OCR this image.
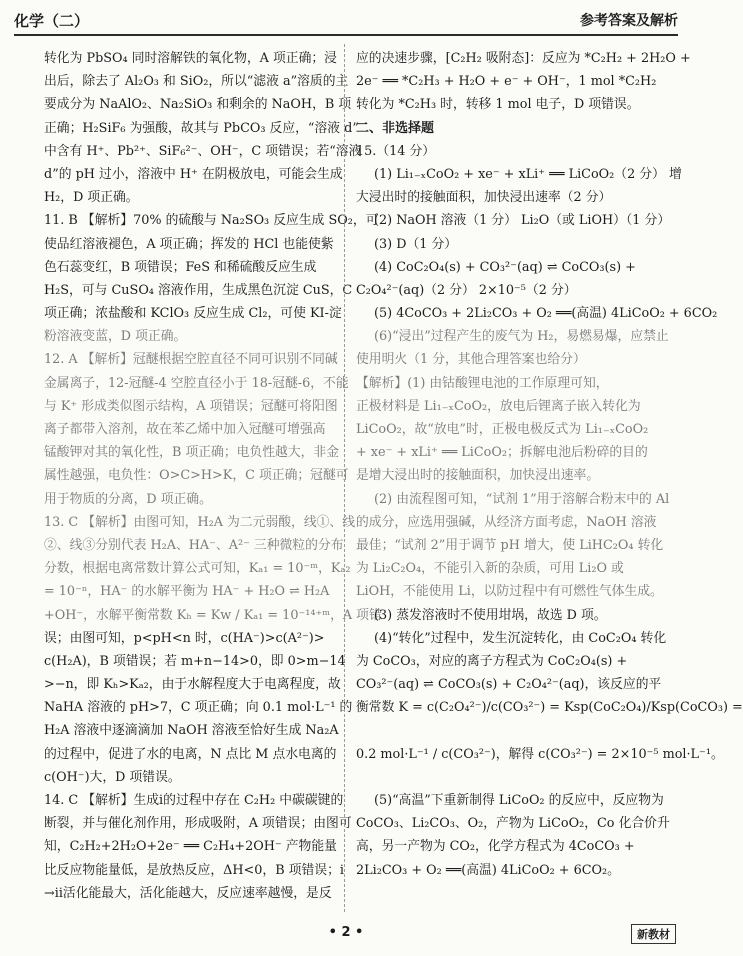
化学（二）	参考答案及解析
转化为 PbSO₄ 同时溶解铁的氧化物，A 项正确；浸
出后，除去了 Al₂O₃ 和 SiO₂，所以“滤液 a”溶质的主
要成分为 NaAlO₂、Na₂SiO₃ 和剩余的 NaOH，B 项
正确；H₂SiF₆ 为强酸，故其与 PbCO₃ 反应，“溶液 d”
中含有 H⁺、Pb²⁺、SiF₆²⁻、OH⁻，C 项错误；若“溶液
d”的 pH 过小，溶液中 H⁺ 在阴极放电，可能会生成
H₂，D 项正确。
11. B 【解析】70% 的硫酸与 Na₂SO₃ 反应生成 SO₂，可
使品红溶液褪色，A 项正确；挥发的 HCl 也能使紫
色石蕊变红，B 项错误；FeS 和稀硫酸反应生成
H₂S，可与 CuSO₄ 溶液作用，生成黑色沉淀 CuS，C
项正确；浓盐酸和 KClO₃ 反应生成 Cl₂，可使 KI-淀
粉溶液变蓝，D 项正确。
12. A 【解析】冠醚根据空腔直径不同可识别不同碱
金属离子，12-冠醚-4 空腔直径小于 18-冠醚-6，不能
与 K⁺ 形成类似图示结构，A 项错误；冠醚可将阳图
离子都带入溶剂，故在苯乙烯中加入冠醚可增强高
锰酸钾对其的氧化性，B 项正确；电负性越大，非金
属性越强，电负性：O>C>H>K，C 项正确；冠醚可
用于物质的分离，D 项正确。
13. C 【解析】由图可知，H₂A 为二元弱酸，线①、线
②、线③分别代表 H₂A、HA⁻、A²⁻ 三种微粒的分布
分数，根据电离常数计算公式可知，Kₐ₁ = 10⁻ᵐ，Kₐ₂
= 10⁻ⁿ，HA⁻ 的水解平衡为 HA⁻ + H₂O ⇌ H₂A
+OH⁻，水解平衡常数 Kₕ = Kw / Kₐ₁ = 10⁻¹⁴⁺ᵐ，A 项错
误；由图可知，p<pH<n 时，c(HA⁻)>c(A²⁻)>
c(H₂A)，B 项错误；若 m+n−14>0，即 0>m−14
>−n，即 Kₕ>Kₐ₂，由于水解程度大于电离程度，故
NaHA 溶液的 pH>7，C 项正确；向 0.1 mol·L⁻¹ 的
H₂A 溶液中逐滴滴加 NaOH 溶液至恰好生成 Na₂A
的过程中，促进了水的电离，N 点比 M 点水电离的
c(OH⁻)大，D 项错误。
14. C 【解析】生成ⅰ的过程中存在 C₂H₂ 中碳碳键的
断裂，并与催化剂作用，形成吸附，A 项错误；由图可
知，C₂H₂+2H₂O+2e⁻ ══ C₂H₄+2OH⁻ 产物能量
比反应物能量低，是放热反应，ΔH<0，B 项错误；ⅰ
→ⅱ活化能最大，活化能越大，反应速率越慢，是反
应的决速步骤，[C₂H₂ 吸附态]：反应为 *C₂H₂ + 2H₂O +
2e⁻ ══ *C₂H₃ + H₂O + e⁻ + OH⁻，1 mol *C₂H₂
转化为 *C₂H₃ 时，转移 1 mol 电子，D 项错误。
二、非选择题
15.（14 分）
(1) Li₁₋ₓCoO₂ + xe⁻ + xLi⁺ ══ LiCoO₂（2 分） 增
大浸出时的接触面积，加快浸出速率（2 分）
(2) NaOH 溶液（1 分） Li₂O（或 LiOH）（1 分）
(3) D（1 分）
(4) CoC₂O₄(s) + CO₃²⁻(aq) ⇌ CoCO₃(s) +
C₂O₄²⁻(aq)（2 分） 2×10⁻⁵（2 分）
(5) 4CoCO₃ + 2Li₂CO₃ + O₂ ══(高温) 4LiCoO₂ + 6CO₂
(6)“浸出”过程产生的废气为 H₂，易燃易爆，应禁止
使用明火（1 分，其他合理答案也给分）
【解析】(1) 由钴酸锂电池的工作原理可知，
正极材料是 Li₁₋ₓCoO₂，放电后锂离子嵌入转化为
LiCoO₂，故“放电”时，正极电极反式为 Li₁₋ₓCoO₂
+ xe⁻ + xLi⁺ ══ LiCoO₂；拆解电池后粉碎的目的
是增大浸出时的接触面积，加快浸出速率。
(2) 由流程图可知，“试剂 1”用于溶解合粉末中的 Al
的成分，应选用强碱，从经济方面考虑，NaOH 溶液
最佳；“试剂 2”用于调节 pH 增大，使 LiHC₂O₄ 转化
为 Li₂C₂O₄，不能引入新的杂质，可用 Li₂O 或
LiOH，不能使用 Li，以防过程中有可燃性气体生成。
(3) 蒸发溶液时不使用坩埚，故选 D 项。
(4)“转化”过程中，发生沉淀转化，由 CoC₂O₄ 转化
为 CoCO₃，对应的离子方程式为 CoC₂O₄(s) +
CO₃²⁻(aq) ⇌ CoCO₃(s) + C₂O₄²⁻(aq)，该反应的平
衡常数 K = c(C₂O₄²⁻)/c(CO₃²⁻) = Ksp(CoC₂O₄)/Ksp(CoCO₃) =
0.2 mol·L⁻¹ / c(CO₃²⁻)，解得 c(CO₃²⁻) = 2×10⁻⁵ mol·L⁻¹。
(5)“高温”下重新制得 LiCoO₂ 的反应中，反应物为
CoCO₃、Li₂CO₃、O₂，产物为 LiCoO₂，Co 化合价升
高，另一产物为 CO₂，化学方程式为 4CoCO₃ +
2Li₂CO₃ + O₂ ══(高温) 4LiCoO₂ + 6CO₂。
• 2 •	新教材
